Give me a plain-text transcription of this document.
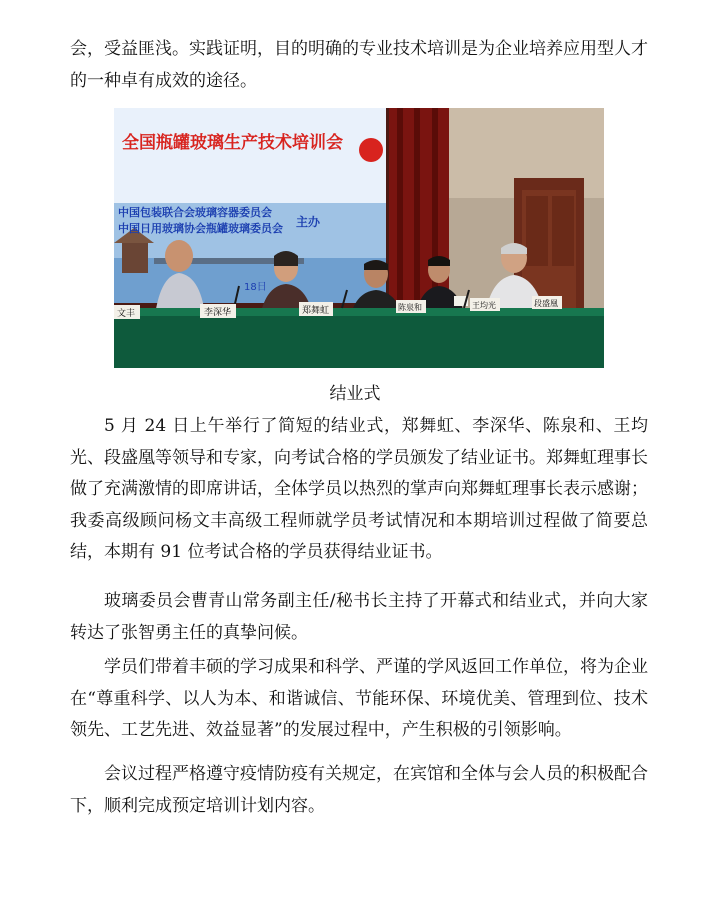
会，受益匪浅。实践证明，目的明确的专业技术培训是为企业培养应用型人才的一种卓有成效的途径。

全国瓶罐玻璃生产技术培训会
中国包装联合会玻璃容器委员会
中国日用玻璃协会瓶罐玻璃委员会 主办
18日
文丰	李深华	郑舞虹	陈泉和	王均光	段盛凰

结业式

5 月 24 日上午举行了简短的结业式，郑舞虹、李深华、陈泉和、王均光、段盛凰等领导和专家，向考试合格的学员颁发了结业证书。郑舞虹理事长做了充满激情的即席讲话，全体学员以热烈的掌声向郑舞虹理事长表示感谢；我委高级顾问杨文丰高级工程师就学员考试情况和本期培训过程做了简要总结，本期有 91 位考试合格的学员获得结业证书。

玻璃委员会曹青山常务副主任/秘书长主持了开幕式和结业式，并向大家转达了张智勇主任的真挚问候。

学员们带着丰硕的学习成果和科学、严谨的学风返回工作单位，将为企业在“尊重科学、以人为本、和谐诚信、节能环保、环境优美、管理到位、技术领先、工艺先进、效益显著”的发展过程中，产生积极的引领影响。

会议过程严格遵守疫情防疫有关规定，在宾馆和全体与会人员的积极配合下，顺利完成预定培训计划内容。
